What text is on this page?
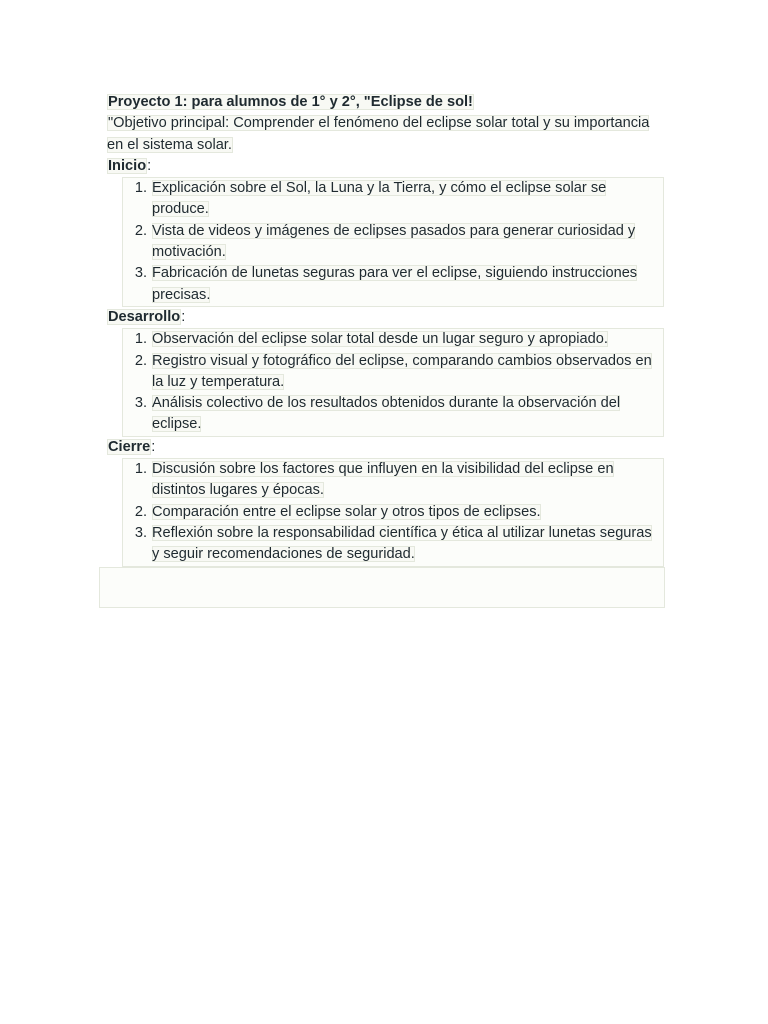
Proyecto 1: para alumnos de 1° y 2°, "Eclipse de sol!

"Objetivo principal: Comprender el fenómeno del eclipse solar total y su importancia en el sistema solar.

Inicio:

1. Explicación sobre el Sol, la Luna y la Tierra, y cómo el eclipse solar se produce.
2. Vista de videos y imágenes de eclipses pasados para generar curiosidad y motivación.
3. Fabricación de lunetas seguras para ver el eclipse, siguiendo instrucciones precisas.

Desarrollo:

1. Observación del eclipse solar total desde un lugar seguro y apropiado.
2. Registro visual y fotográfico del eclipse, comparando cambios observados en la luz y temperatura.
3. Análisis colectivo de los resultados obtenidos durante la observación del eclipse.

Cierre:

1. Discusión sobre los factores que influyen en la visibilidad del eclipse en distintos lugares y épocas.
2. Comparación entre el eclipse solar y otros tipos de eclipses.
3. Reflexión sobre la responsabilidad científica y ética al utilizar lunetas seguras y seguir recomendaciones de seguridad.
